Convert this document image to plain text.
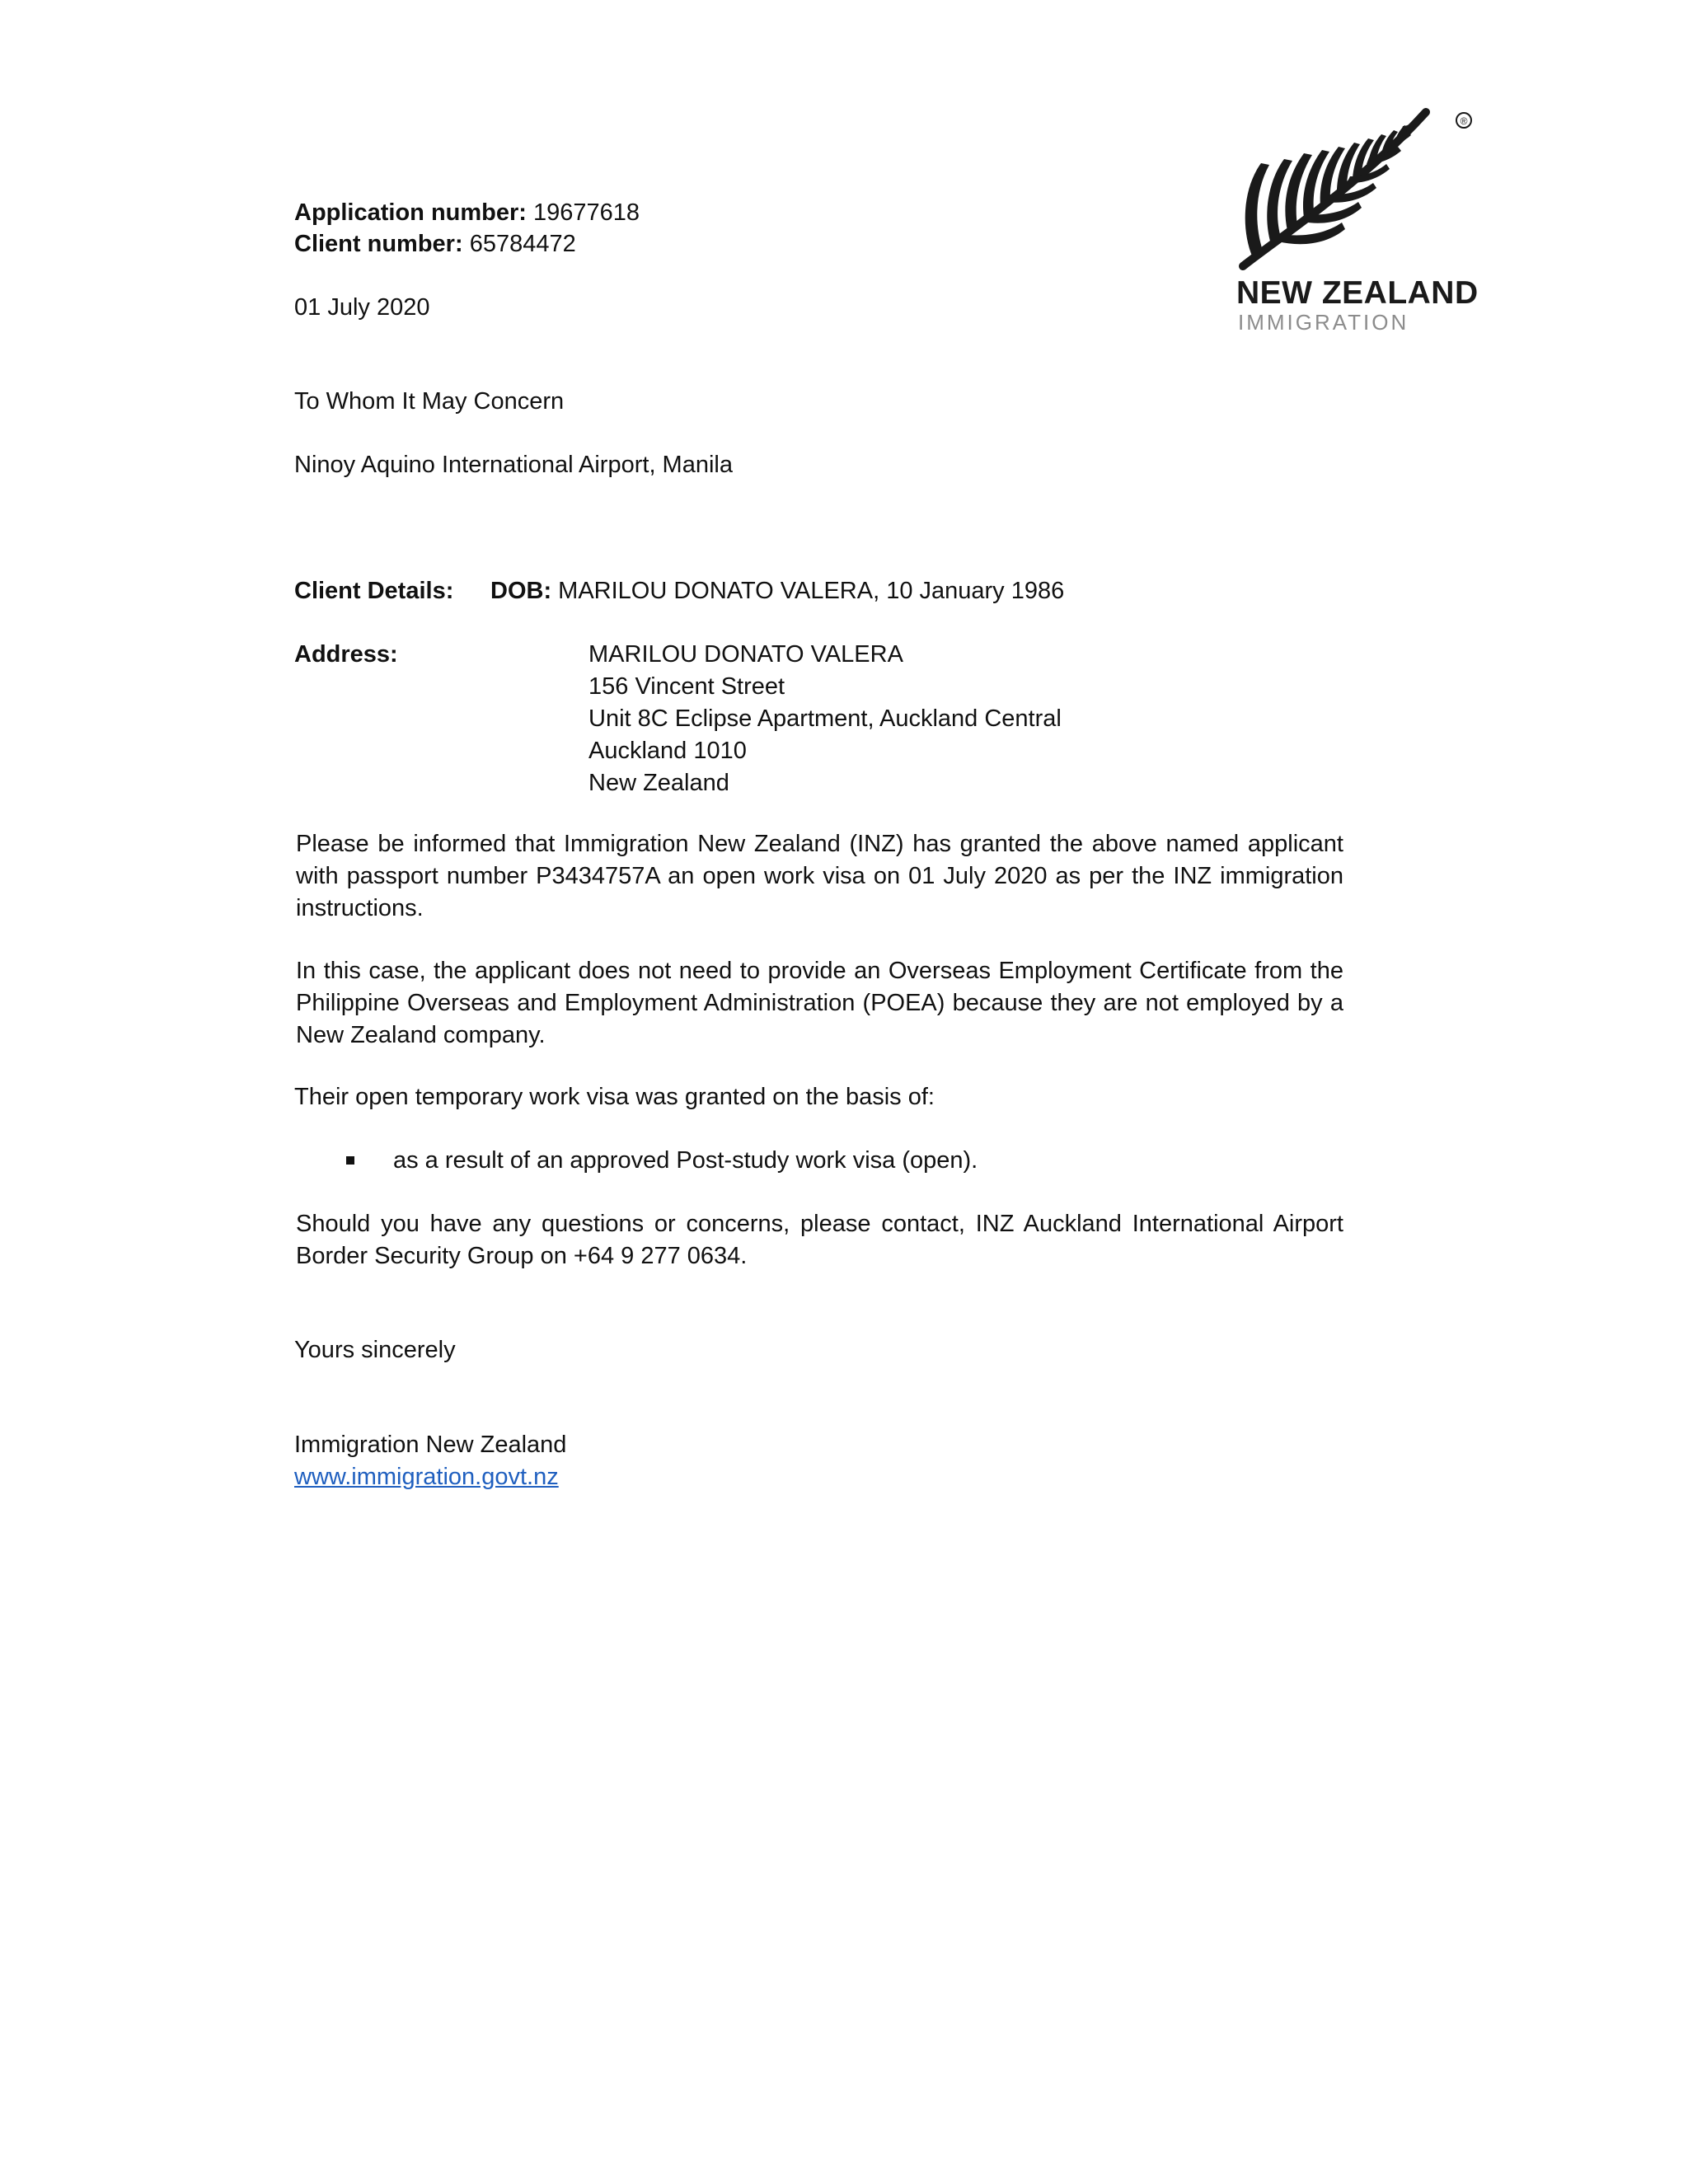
®
NEW ZEALAND
IMMIGRATION
Application number: 19677618
Client number: 65784472
01 July 2020
To Whom It May Concern
Ninoy Aquino International Airport, Manila
Client Details: DOB: MARILOU DONATO VALERA, 10 January 1986
Address:	MARILOU DONATO VALERA
156 Vincent Street
Unit 8C Eclipse Apartment, Auckland Central
Auckland 1010
New Zealand
Please be informed that Immigration New Zealand (INZ) has granted the above named applicant with passport number P3434757A an open work visa on 01 July 2020 as per the INZ immigration instructions.
In this case, the applicant does not need to provide an Overseas Employment Certificate from the Philippine Overseas and Employment Administration (POEA) because they are not employed by a New Zealand company.
Their open temporary work visa was granted on the basis of:
as a result of an approved Post-study work visa (open).
Should you have any questions or concerns, please contact, INZ Auckland International Airport Border Security Group on +64 9 277 0634.
Yours sincerely
Immigration New Zealand
www.immigration.govt.nz
